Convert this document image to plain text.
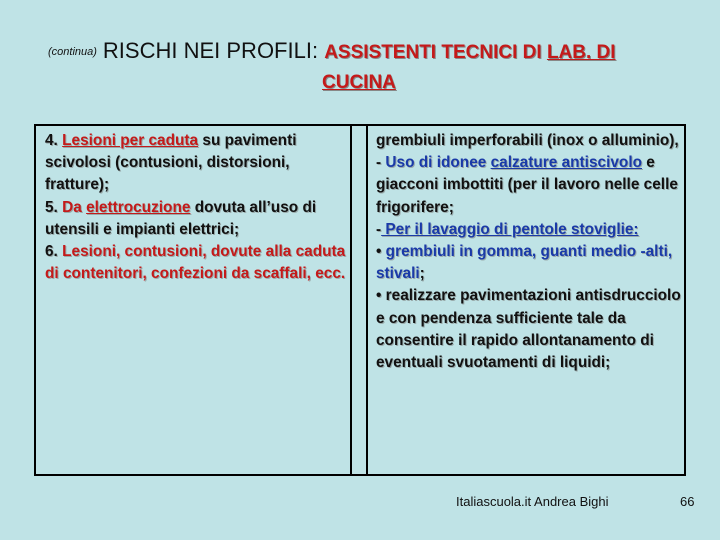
(continua) RISCHI NEI PROFILI: ASSISTENTI TECNICI DI LAB. DI
CUCINA
4. Lesioni per caduta su pavimenti scivolosi (contusioni, distorsioni, fratture);
5. Da elettrocuzione dovuta all’uso di utensili e impianti elettrici;
6. Lesioni, contusioni, dovute alla caduta di contenitori, confezioni da scaffali, ecc.
grembiuli imperforabili (inox o alluminio),
- Uso di idonee calzature antiscivolo e giacconi imbottiti (per il lavoro nelle celle frigorifere;
- Per il lavaggio di pentole stoviglie:
• grembiuli in gomma, guanti medio -alti, stivali;
• realizzare pavimentazioni antisdrucciolo e con pendenza sufficiente tale da consentire il rapido allontanamento di eventuali svuotamenti di liquidi;
Italiascuola.it Andrea Bighi	66
